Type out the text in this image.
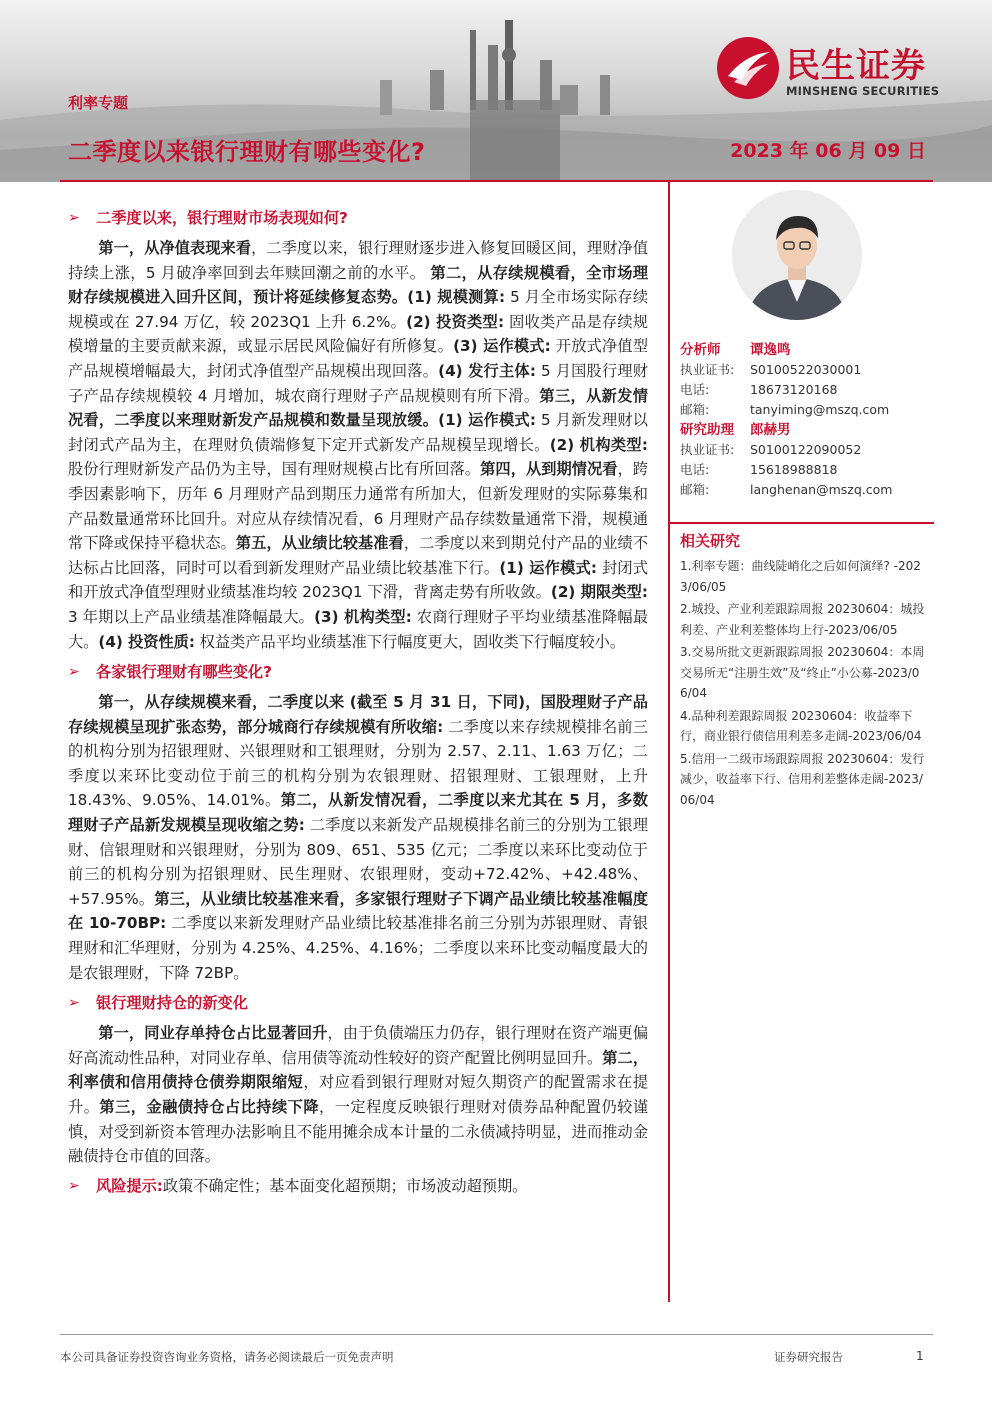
利率专题
二季度以来银行理财有哪些变化?	2023 年 06 月 09 日
民生证券
MINSHENG SECURITIES
➢	二季度以来，银行理财市场表现如何?
第一，从净值表现来看，二季度以来，银行理财逐步进入修复回暖区间，理财净值持续上涨，5 月破净率回到去年赎回潮之前的水平。 第二，从存续规模看，全市场理财存续规模进入回升区间，预计将延续修复态势。(1) 规模测算: 5 月全市场实际存续规模或在 27.94 万亿，较 2023Q1 上升 6.2%。(2) 投资类型: 固收类产品是存续规模增量的主要贡献来源，或显示居民风险偏好有所修复。(3) 运作模式: 开放式净值型产品规模增幅最大，封闭式净值型产品规模出现回落。(4) 发行主体: 5 月国股行理财子产品存续规模较 4 月增加，城农商行理财子产品规模则有所下滑。第三，从新发情况看，二季度以来理财新发产品规模和数量呈现放缓。(1) 运作模式: 5 月新发理财以封闭式产品为主，在理财负债端修复下定开式新发产品规模呈现增长。(2) 机构类型: 股份行理财新发产品仍为主导，国有理财规模占比有所回落。第四，从到期情况看，跨季因素影响下，历年 6 月理财产品到期压力通常有所加大，但新发理财的实际募集和产品数量通常环比回升。对应从存续情况看，6 月理财产品存续数量通常下滑，规模通常下降或保持平稳状态。第五，从业绩比较基准看，二季度以来到期兑付产品的业绩不达标占比回落，同时可以看到新发理财产品业绩比较基准下行。(1) 运作模式: 封闭式和开放式净值型理财业绩基准均较 2023Q1 下滑，背离走势有所收敛。(2) 期限类型: 3 年期以上产品业绩基准降幅最大。(3) 机构类型: 农商行理财子平均业绩基准降幅最大。(4) 投资性质: 权益类产品平均业绩基准下行幅度更大，固收类下行幅度较小。
➢	各家银行理财有哪些变化?
第一，从存续规模来看，二季度以来 (截至 5 月 31 日，下同)，国股理财子产品存续规模呈现扩张态势，部分城商行存续规模有所收缩: 二季度以来存续规模排名前三的机构分别为招银理财、兴银理财和工银理财，分别为 2.57、2.11、1.63 万亿；二季度以来环比变动位于前三的机构分别为农银理财、招银理财、工银理财，上升 18.43%、9.05%、14.01%。第二，从新发情况看，二季度以来尤其在 5 月，多数理财子产品新发规模呈现收缩之势: 二季度以来新发产品规模排名前三的分别为工银理财、信银理财和兴银理财，分别为 809、651、535 亿元；二季度以来环比变动位于前三的机构分别为招银理财、民生理财、农银理财，变动+72.42%、+42.48%、+57.95%。第三，从业绩比较基准来看，多家银行理财子下调产品业绩比较基准幅度在 10-70BP: 二季度以来新发理财产品业绩比较基准排名前三分别为苏银理财、青银理财和汇华理财，分别为 4.25%、4.25%、4.16%；二季度以来环比变动幅度最大的是农银理财，下降 72BP。
➢	银行理财持仓的新变化
第一，同业存单持仓占比显著回升，由于负债端压力仍存，银行理财在资产端更偏好高流动性品种，对同业存单、信用债等流动性较好的资产配置比例明显回升。第二，利率债和信用债持仓债券期限缩短，对应看到银行理财对短久期资产的配置需求在提升。第三，金融债持仓占比持续下降，一定程度反映银行理财对债券品种配置仍较谨慎，对受到新资本管理办法影响且不能用摊余成本计量的二永债减持明显，进而推动金融债持仓市值的回落。
➢	风险提示: 政策不确定性；基本面变化超预期；市场波动超预期。
分析师	谭逸鸣
执业证书:	S0100522030001
电话:	18673120168
邮箱:	tanyiming@mszq.com
研究助理	郎赫男
执业证书:	S0100122090052
电话:	15618988818
邮箱:	langhenan@mszq.com
相关研究
1.利率专题：曲线陡峭化之后如何演绎? -2023/06/05
2.城投、产业利差跟踪周报 20230604：城投利差、产业利差整体均上行-2023/06/05
3.交易所批文更新跟踪周报 20230604：本周交易所无“注册生效”及“终止”小公募-2023/06/04
4.品种利差跟踪周报 20230604：收益率下行，商业银行债信用利差多走阔-2023/06/04
5.信用一二级市场跟踪周报 20230604：发行减少，收益率下行、信用利差整体走阔-2023/06/04
本公司具备证券投资咨询业务资格，请务必阅读最后一页免责声明	证券研究报告	1
